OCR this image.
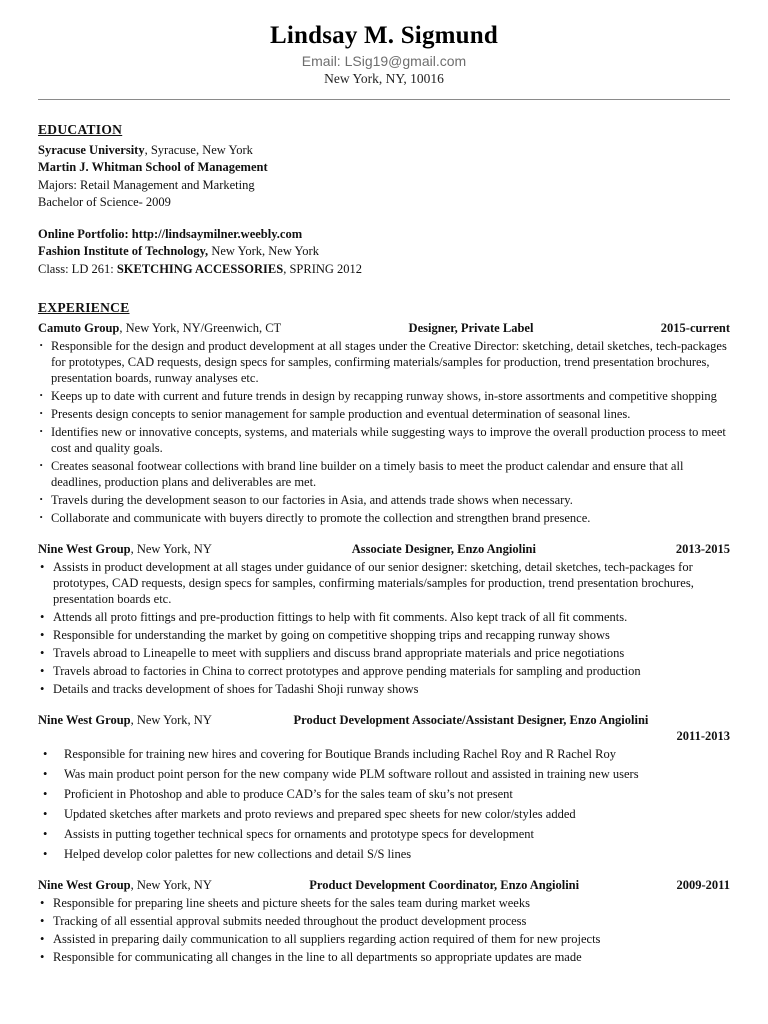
Lindsay M. Sigmund
Email: LSig19@gmail.com
New York, NY, 10016
EDUCATION
Syracuse University, Syracuse, New York
Martin J. Whitman School of Management
Majors: Retail Management and Marketing
Bachelor of Science- 2009
Online Portfolio: http://lindsaymilner.weebly.com
Fashion Institute of Technology, New York, New York
Class: LD 261: SKETCHING ACCESSORIES, SPRING 2012
EXPERIENCE
Camuto Group, New York, NY/Greenwich, CT	Designer, Private Label	2015-current
· Responsible for the design and product development at all stages under the Creative Director: sketching, detail sketches, tech-packages for prototypes, CAD requests, design specs for samples, confirming materials/samples for production, trend presentation brochures, presentation boards, runway analyses etc.
· Keeps up to date with current and future trends in design by recapping runway shows, in-store assortments and competitive shopping
· Presents design concepts to senior management for sample production and eventual determination of seasonal lines.
· Identifies new or innovative concepts, systems, and materials while suggesting ways to improve the overall production process to meet cost and quality goals.
· Creates seasonal footwear collections with brand line builder on a timely basis to meet the product calendar and ensure that all deadlines, production plans and deliverables are met.
· Travels during the development season to our factories in Asia, and attends trade shows when necessary.
· Collaborate and communicate with buyers directly to promote the collection and strengthen brand presence.
Nine West Group, New York, NY	Associate Designer, Enzo Angiolini	2013-2015
• Assists in product development at all stages under guidance of our senior designer: sketching, detail sketches, tech-packages for prototypes, CAD requests, design specs for samples, confirming materials/samples for production, trend presentation brochures, presentation boards etc.
• Attends all proto fittings and pre-production fittings to help with fit comments. Also kept track of all fit comments.
• Responsible for understanding the market by going on competitive shopping trips and recapping runway shows
• Travels abroad to Lineapelle to meet with suppliers and discuss brand appropriate materials and price negotiations
• Travels abroad to factories in China to correct prototypes and approve pending materials for sampling and production
• Details and tracks development of shoes for Tadashi Shoji runway shows
Nine West Group, New York, NY	Product Development Associate/Assistant Designer, Enzo Angiolini
2011-2013
• Responsible for training new hires and covering for Boutique Brands including Rachel Roy and R Rachel Roy
• Was main product point person for the new company wide PLM software rollout and assisted in training new users
• Proficient in Photoshop and able to produce CAD’s for the sales team of sku’s not present
• Updated sketches after markets and proto reviews and prepared spec sheets for new color/styles added
• Assists in putting together technical specs for ornaments and prototype specs for development
• Helped develop color palettes for new collections and detail S/S lines
Nine West Group, New York, NY	Product Development Coordinator, Enzo Angiolini	2009-2011
• Responsible for preparing line sheets and picture sheets for the sales team during market weeks
• Tracking of all essential approval submits needed throughout the product development process
• Assisted in preparing daily communication to all suppliers regarding action required of them for new projects
• Responsible for communicating all changes in the line to all departments so appropriate updates are made
